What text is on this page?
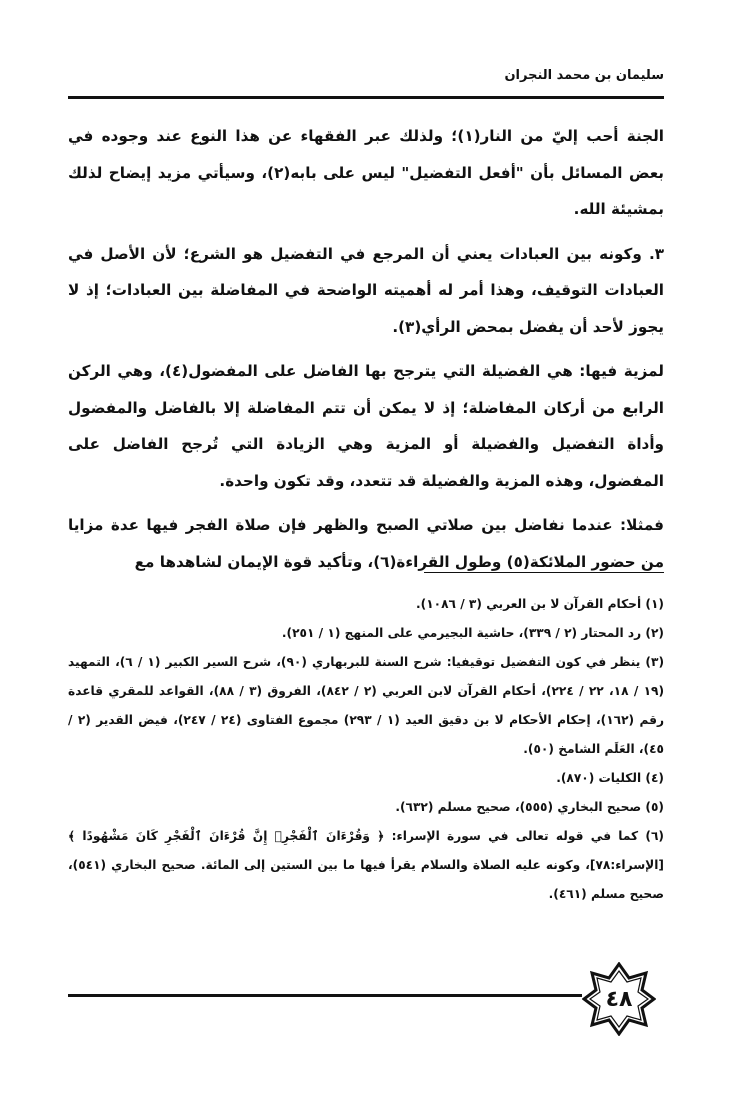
سليمان بن محمد النجران

الجنة أحب إليّ من النار(١)؛ ولذلك عبر الفقهاء عن هذا النوع عند وجوده في بعض المسائل بأن "أفعل التفضيل" ليس على بابه(٢)، وسيأتي مزيد إيضاح لذلك بمشيئة الله.

٣. وكونه بين العبادات يعني أن المرجع في التفضيل هو الشرع؛ لأن الأصل في العبادات التوقيف، وهذا أمر له أهميته الواضحة في المفاضلة بين العبادات؛ إذ لا يجوز لأحد أن يفضل بمحض الرأي(٣).

لمزية فيها: هي الفضيلة التي يترجح بها الفاضل على المفضول(٤)، وهي الركن الرابع من أركان المفاضلة؛ إذ لا يمكن أن تتم المفاضلة إلا بالفاضل والمفضول وأداة التفضيل والفضيلة أو المزية وهي الزيادة التي تُرجح الفاضل على المفضول، وهذه المزية والفضيلة قد تتعدد، وقد تكون واحدة.

فمثلا: عندما نفاضل بين صلاتي الصبح والظهر فإن صلاة الفجر فيها عدة مزايا من حضور الملائكة(٥) وطول القراءة(٦)، وتأكيد قوة الإيمان لشاهدها مع

(١) أحكام القرآن لا بن العربي (٣ / ١٠٨٦).

(٢) رد المحتار (٢ / ٣٣٩)، حاشية البجيرمي على المنهج (١ / ٢٥١).

(٣) ينظر في كون التفضيل توقيفيا: شرح السنة للبربهاري (٩٠)، شرح السير الكبير (١ / ٦)، التمهيد (١٩ / ١٨، ٢٢ / ٢٢٤)، أحكام القرآن لابن العربي (٢ / ٨٤٢)، الفروق (٣ / ٨٨)، القواعد للمقري قاعدة رقم (١٦٢)، إحكام الأحكام لا بن دقيق العيد (١ / ٢٩٣) مجموع الفتاوى (٢٤ / ٢٤٧)، فيض القدير (٢ / ٤٥)، العَلَم الشامخ (٥٠).

(٤) الكليات (٨٧٠).

(٥) صحيح البخاري (٥٥٥)، صحيح مسلم (٦٣٢).

(٦) كما في قوله تعالى في سورة الإسراء: ﴿ وَقُرْءَانَ ٱلْفَجْرِۖ إِنَّ قُرْءَانَ ٱلْفَجْرِ كَانَ مَشْهُودًا ﴾ [الإسراء:٧٨]، وكونه عليه الصلاة والسلام يقرأ فيها ما بين الستين إلى المائة. صحيح البخاري (٥٤١)، صحيح مسلم (٤٦١).

٤٨
